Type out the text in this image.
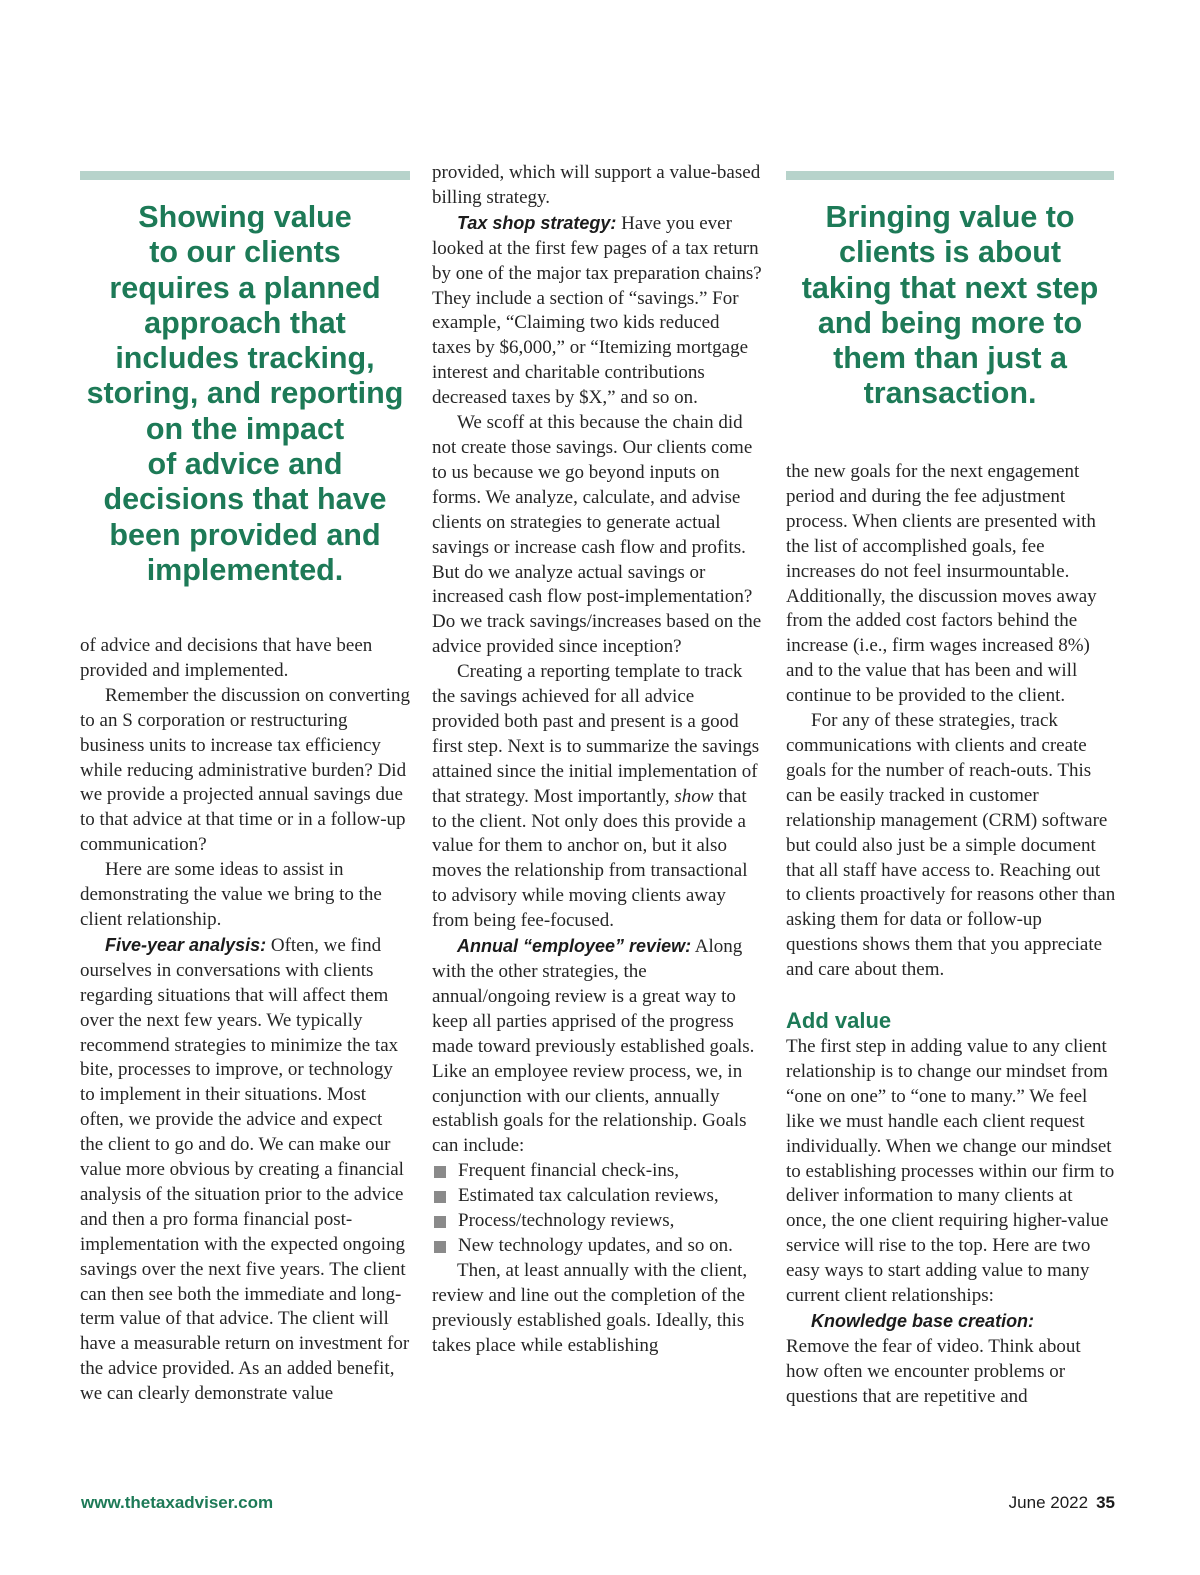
Showing value
to our clients
requires a planned
approach that
includes tracking,
storing, and reporting
on the impact
of advice and
decisions that have
been provided and
implemented.

of advice and decisions that have been provided and implemented.

Remember the discussion on converting to an S corporation or restructuring business units to increase tax efficiency while reducing administrative burden? Did we provide a projected annual savings due to that advice at that time or in a follow-up communication?

Here are some ideas to assist in demonstrating the value we bring to the client relationship.

Five-year analysis: Often, we find ourselves in conversations with clients regarding situations that will affect them over the next few years. We typically recommend strategies to minimize the tax bite, processes to improve, or technology to implement in their situations. Most often, we provide the advice and expect the client to go and do. We can make our value more obvious by creating a financial analysis of the situation prior to the advice and then a pro forma financial post-implementation with the expected ongoing savings over the next five years. The client can then see both the immediate and long-term value of that advice. The client will have a measurable return on investment for the advice provided. As an added benefit, we can clearly demonstrate value

provided, which will support a value-based billing strategy.

Tax shop strategy: Have you ever looked at the first few pages of a tax return by one of the major tax preparation chains? They include a section of “savings.” For example, “Claiming two kids reduced taxes by $6,000,” or “Itemizing mortgage interest and charitable contributions decreased taxes by $X,” and so on.

We scoff at this because the chain did not create those savings. Our clients come to us because we go beyond inputs on forms. We analyze, calculate, and advise clients on strategies to generate actual savings or increase cash flow and profits. But do we analyze actual savings or increased cash flow post-implementation? Do we track savings/increases based on the advice provided since inception?

Creating a reporting template to track the savings achieved for all advice provided both past and present is a good first step. Next is to summarize the savings attained since the initial implementation of that strategy. Most importantly, show that to the client. Not only does this provide a value for them to anchor on, but it also moves the relationship from transactional to advisory while moving clients away from being fee-focused.

Annual “employee” review: Along with the other strategies, the annual/ongoing review is a great way to keep all parties apprised of the progress made toward previously established goals. Like an employee review process, we, in conjunction with our clients, annually establish goals for the relationship. Goals can include:

Frequent financial check-ins,
Estimated tax calculation reviews,
Process/technology reviews,
New technology updates, and so on.

Then, at least annually with the client, review and line out the completion of the previously established goals. Ideally, this takes place while establishing

Bringing value to
clients is about
taking that next step
and being more to
them than just a
transaction.

the new goals for the next engagement period and during the fee adjustment process. When clients are presented with the list of accomplished goals, fee increases do not feel insurmountable. Additionally, the discussion moves away from the added cost factors behind the increase (i.e., firm wages increased 8%) and to the value that has been and will continue to be provided to the client.

For any of these strategies, track communications with clients and create goals for the number of reach-outs. This can be easily tracked in customer relationship management (CRM) software but could also just be a simple document that all staff have access to. Reaching out to clients proactively for reasons other than asking them for data or follow-up questions shows them that you appreciate and care about them.

Add value

The first step in adding value to any client relationship is to change our mindset from “one on one” to “one to many.” We feel like we must handle each client request individually. When we change our mindset to establishing processes within our firm to deliver information to many clients at once, the one client requiring higher-value service will rise to the top. Here are two easy ways to start adding value to many current client relationships:

Knowledge base creation:

Remove the fear of video. Think about how often we encounter problems or questions that are repetitive and

www.thetaxadviser.com	June 2022 35
